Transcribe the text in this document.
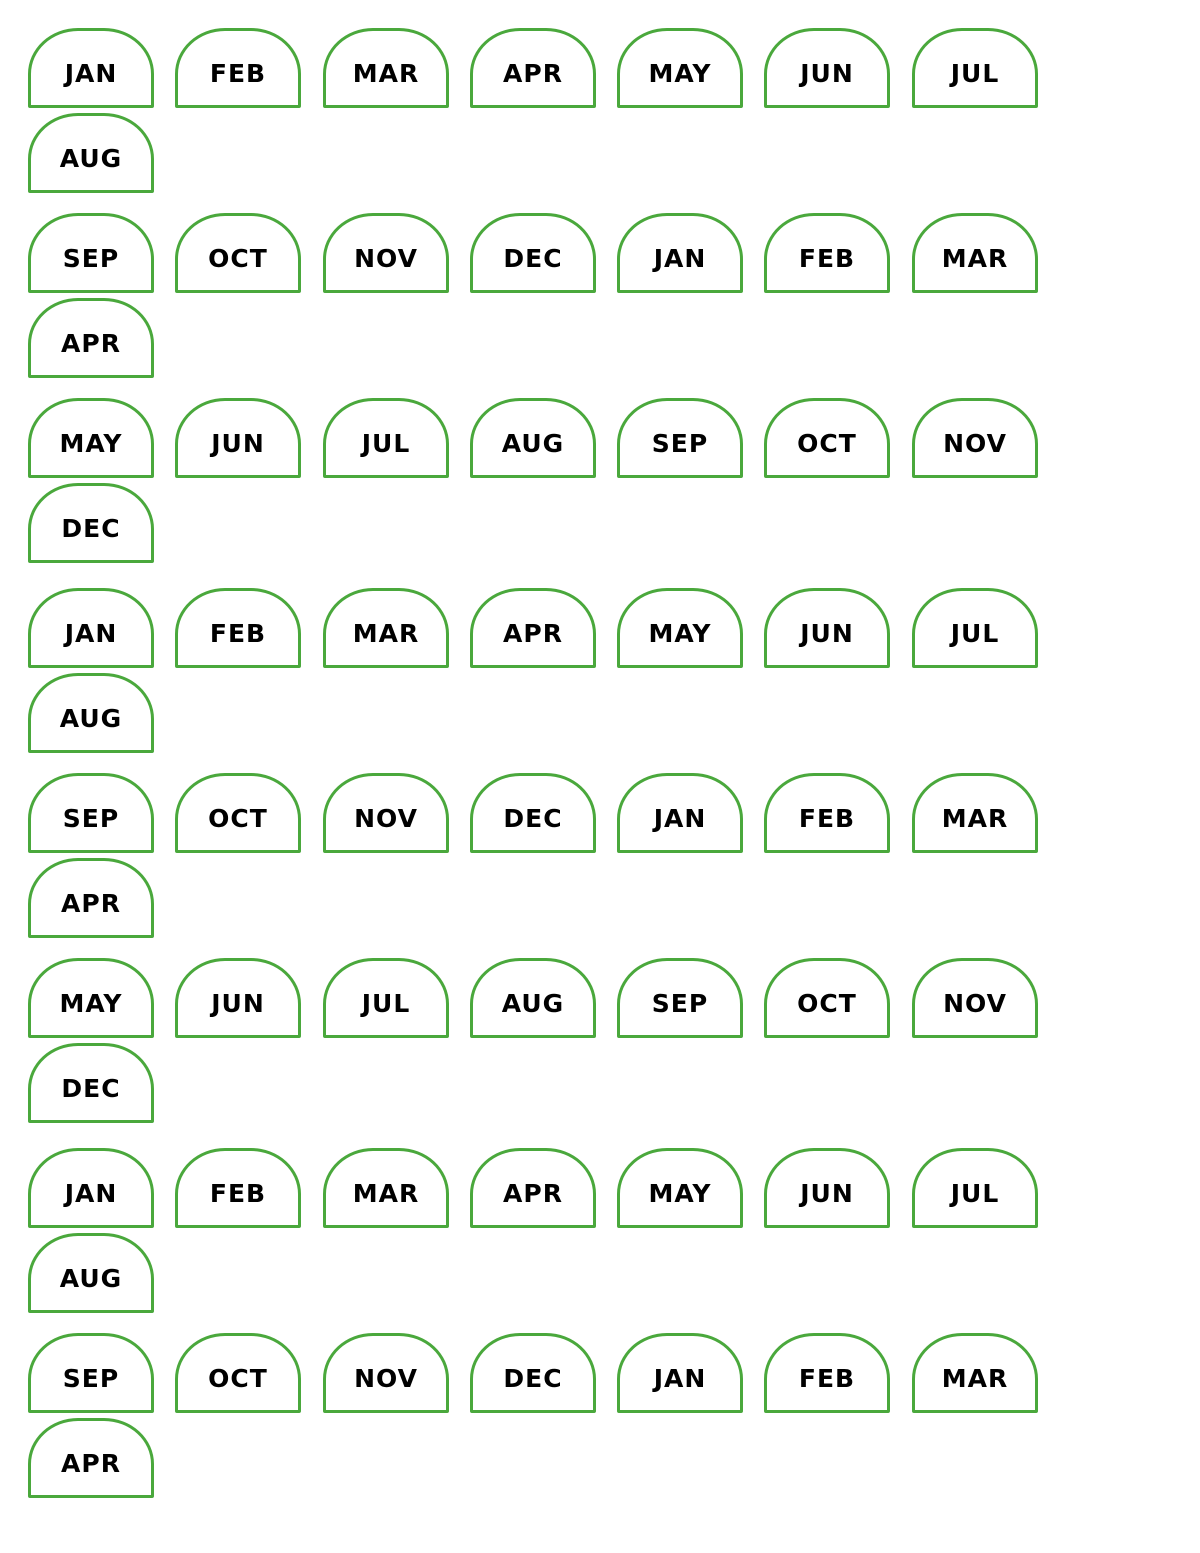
JAN	FEB	MAR	APR	MAY	JUN	JUL
AUG
SEP	OCT	NOV	DEC	JAN	FEB	MAR
APR
MAY	JUN	JUL	AUG	SEP	OCT	NOV
DEC
JAN	FEB	MAR	APR	MAY	JUN	JUL
AUG
SEP	OCT	NOV	DEC	JAN	FEB	MAR
APR
MAY	JUN	JUL	AUG	SEP	OCT	NOV
DEC
JAN	FEB	MAR	APR	MAY	JUN	JUL
AUG
SEP	OCT	NOV	DEC	JAN	FEB	MAR
APR
